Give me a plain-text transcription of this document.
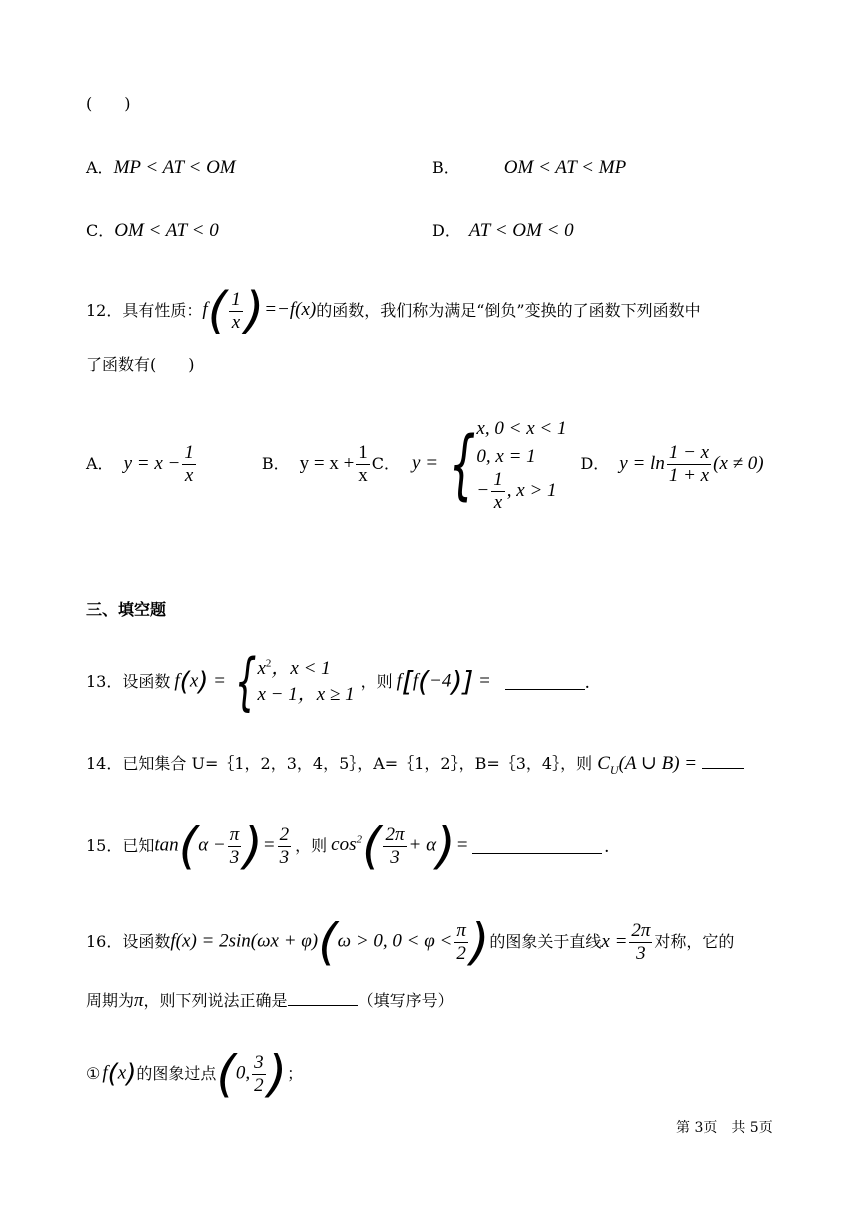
(　　)
A．MP < AT < OM	B． OM < AT < MP
C．OM < AT < 0	D． AT < OM < 0
12．具有性质：$f( \frac{1}{x} )=-f(x)$的函数，我们称为满足“倒负”变换的了函数下列函数中
了函数有(　　)
A． $y = x - \frac{1}{x}$	B． $y = x + \frac{1}{x}$ C． y = { x, 0 < x < 1
0, x = 1
− $\frac{1}{x}$ , x > 1
D． $y = \ln \frac{1 - x}{1 + x} (x \ne 0)$
三、填空题
13． 设函数 f(x) = { $x^2$，x < 1
x − 1，x ≥ 1
，则 f[f(−4)] =	.
14．已知集合 U=｛1，2，3，4，5｝，A=｛1，2｝，B=｛3，4｝，则 $C_U(A$ ∪ B) =
15． 已知 $\tan(\alpha - \frac{\pi}{3}$ )= $\frac{2}{3}$ ，则 $\cos^2( \frac{2\pi}{3} + \alpha)=$	.
16． 设函数 f(x) = 2sin(ωx + φ)(ω > 0, $0 < \varphi < \frac{\pi}{2}$ ) 的图象关于直线 $x = \frac{2\pi}{3}$ 对称，它的
周期为π，则下列说法正确是	（填写序号）
① f(x) 的图象过点 (0, $\frac{3}{2}$ ) ；
第 3页　共 5页
